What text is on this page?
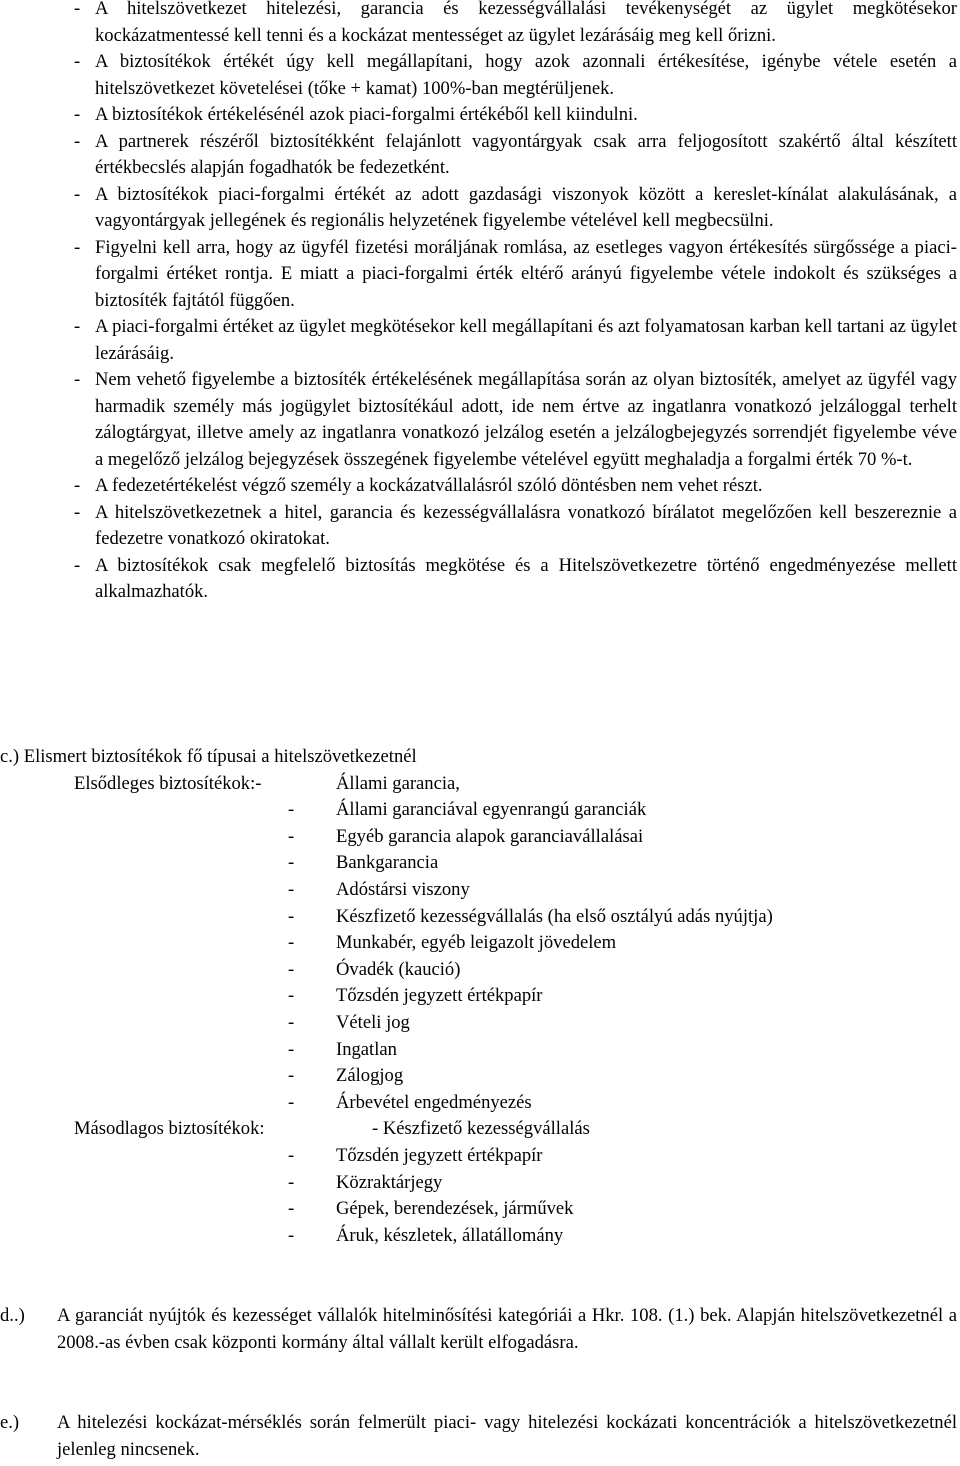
- A hitelszövetkezet hitelezési, garancia és kezességvállalási tevékenységét az ügylet megkötésekor kockázatmentessé kell tenni és a kockázat mentességet az ügylet lezárásáig meg kell őrizni.
- A biztosítékok értékét úgy kell megállapítani, hogy azok azonnali értékesítése, igénybe vétele esetén a hitelszövetkezet követelései (tőke + kamat) 100%-ban megtérüljenek.
- A biztosítékok értékelésénél azok piaci-forgalmi értékéből kell kiindulni.
- A partnerek részéről biztosítékként felajánlott vagyontárgyak csak arra feljogosított szakértő által készített értékbecslés alapján fogadhatók be fedezetként.
- A biztosítékok piaci-forgalmi értékét az adott gazdasági viszonyok között a kereslet-kínálat alakulásának, a vagyontárgyak jellegének és regionális helyzetének figyelembe vételével kell megbecsülni.
- Figyelni kell arra, hogy az ügyfél fizetési moráljának romlása, az esetleges vagyon értékesítés sürgőssége a piaci-forgalmi értéket rontja. E miatt a piaci-forgalmi érték eltérő arányú figyelembe vétele indokolt és szükséges a biztosíték fajtától függően.
- A piaci-forgalmi értéket az ügylet megkötésekor kell megállapítani és azt folyamatosan karban kell tartani az ügylet lezárásáig.
- Nem vehető figyelembe a biztosíték értékelésének megállapítása során az olyan biztosíték, amelyet az ügyfél vagy harmadik személy más jogügylet biztosítékául adott, ide nem értve az ingatlanra vonatkozó jelzáloggal terhelt zálogtárgyat, illetve amely az ingatlanra vonatkozó jelzálog esetén a jelzálogbejegyzés sorrendjét figyelembe véve a megelőző jelzálog bejegyzések összegének figyelembe vételével együtt meghaladja a forgalmi érték 70 %-t.
- A fedezetértékelést végző személy a kockázatvállalásról szóló döntésben nem vehet részt.
- A hitelszövetkezetnek a hitel, garancia és kezességvállalásra vonatkozó bírálatot megelőzően kell beszereznie a fedezetre vonatkozó okiratokat.
- A biztosítékok csak megfelelő biztosítás megkötése és a Hitelszövetkezetre történő engedményezése mellett alkalmazhatók.
c.) Elismert biztosítékok fő típusai a hitelszövetkezetnél
Elsődleges biztosítékok:-	Állami garancia,
- Állami garanciával egyenrangú garanciák
- Egyéb garancia alapok garanciavállalásai
- Bankgarancia
- Adóstársi viszony
- Készfizető kezességvállalás (ha első osztályú adás nyújtja)
- Munkabér, egyéb leigazolt jövedelem
- Óvadék (kaució)
- Tőzsdén jegyzett értékpapír
- Vételi jog
- Ingatlan
- Zálogjog
- Árbevétel engedményezés
Másodlagos biztosítékok:	- Készfizető kezességvállalás
- Tőzsdén jegyzett értékpapír
- Közraktárjegy
- Gépek, berendezések, járművek
- Áruk, készletek, állatállomány
d..) A garanciát nyújtók és kezességet vállalók hitelminősítési kategóriái a Hkr. 108. (1.) bek. Alapján hitelszövetkezetnél a 2008.-as évben csak központi kormány által vállalt került elfogadásra.
e.) A hitelezési kockázat-mérséklés során felmerült piaci- vagy hitelezési kockázati koncentrációk a hitelszövetkezetnél jelenleg nincsenek.
